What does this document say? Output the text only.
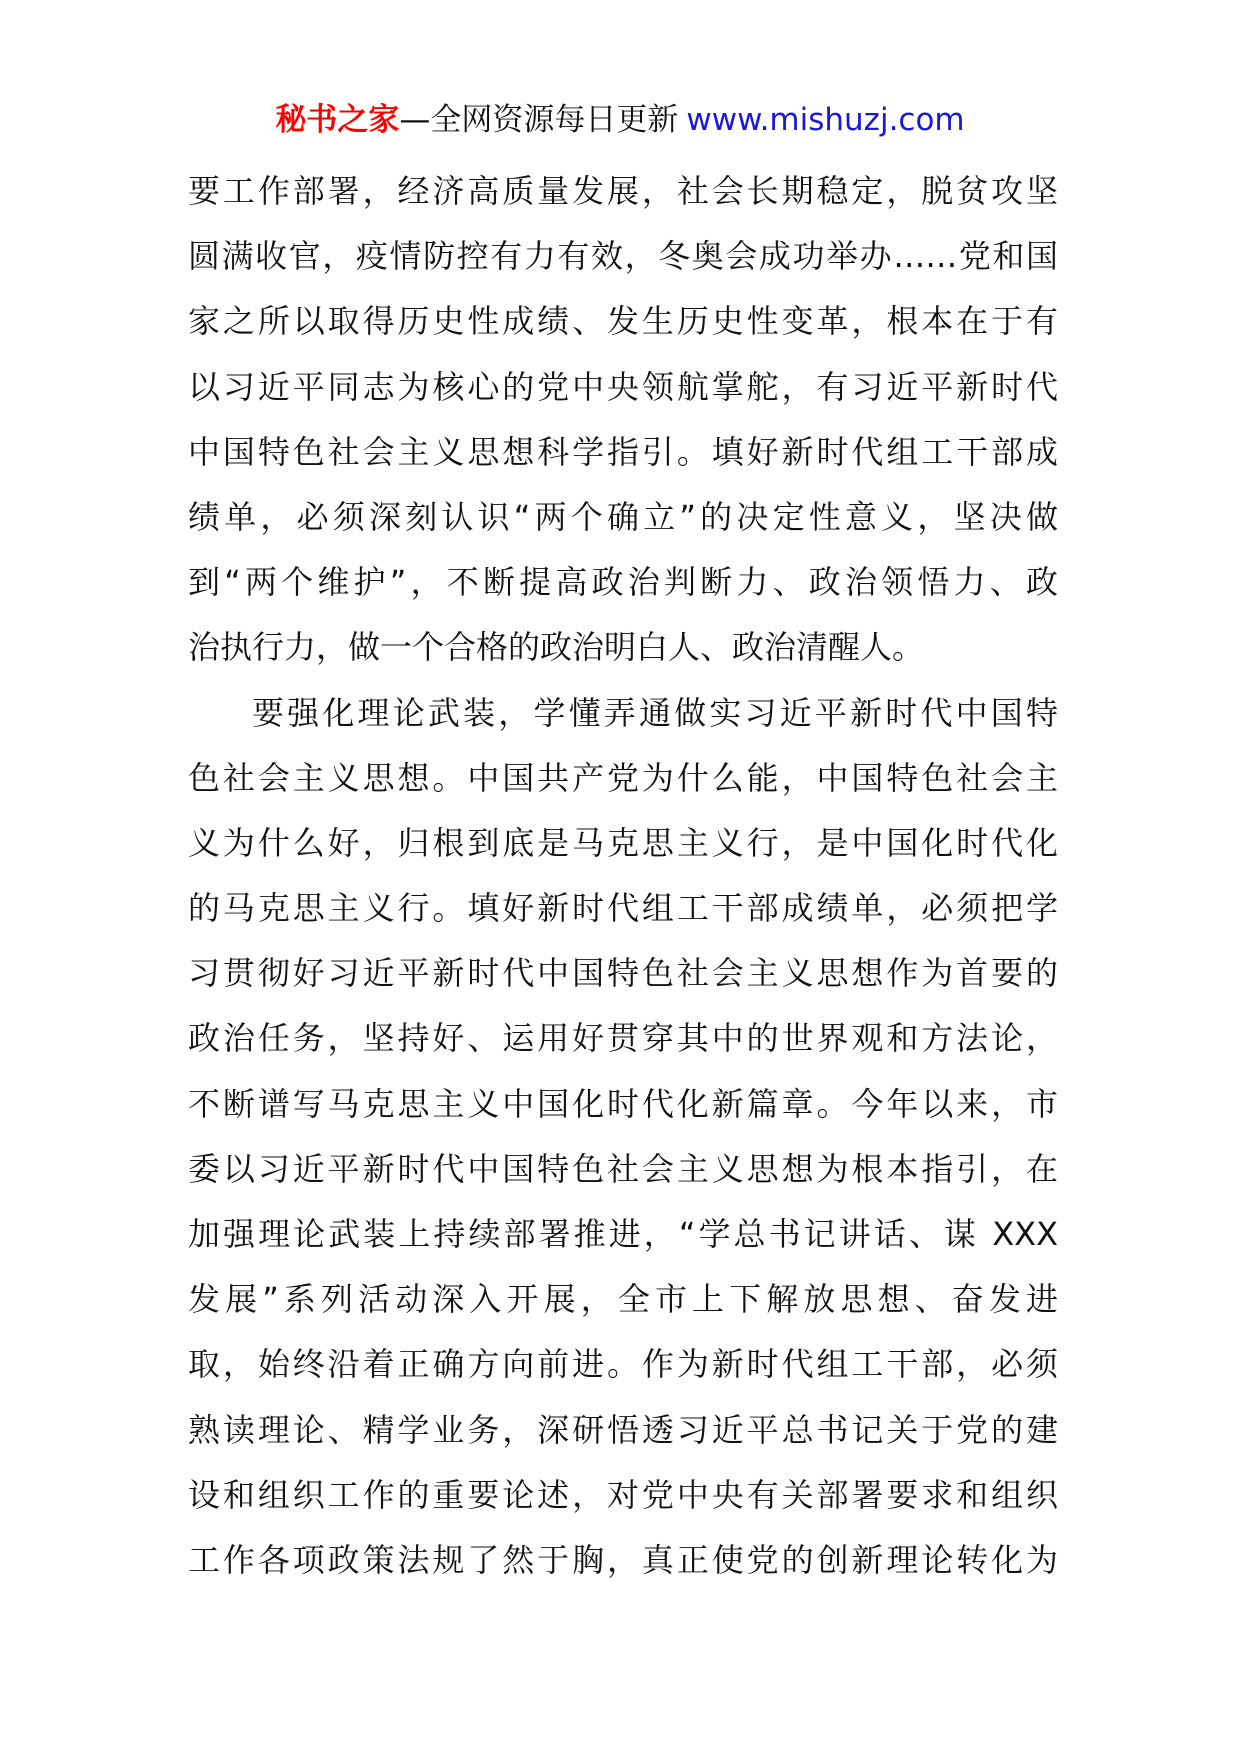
秘书之家—全网资源每日更新 www.mishuzj.com
要工作部署，经济高质量发展，社会长期稳定，脱贫攻坚
圆满收官，疫情防控有力有效，冬奥会成功举办……党和国
家之所以取得历史性成绩、发生历史性变革，根本在于有
以习近平同志为核心的党中央领航掌舵，有习近平新时代
中国特色社会主义思想科学指引。填好新时代组工干部成
绩单，必须深刻认识“两个确立”的决定性意义，坚决做
到“两个维护”，不断提高政治判断力、政治领悟力、政
治执行力，做一个合格的政治明白人、政治清醒人。
要强化理论武装，学懂弄通做实习近平新时代中国特
色社会主义思想。中国共产党为什么能，中国特色社会主
义为什么好，归根到底是马克思主义行，是中国化时代化
的马克思主义行。填好新时代组工干部成绩单，必须把学
习贯彻好习近平新时代中国特色社会主义思想作为首要的
政治任务，坚持好、运用好贯穿其中的世界观和方法论，
不断谱写马克思主义中国化时代化新篇章。今年以来，市
委以习近平新时代中国特色社会主义思想为根本指引，在
加强理论武装上持续部署推进，“学总书记讲话、谋 XXX
发展”系列活动深入开展，全市上下解放思想、奋发进
取，始终沿着正确方向前进。作为新时代组工干部，必须
熟读理论、精学业务，深研悟透习近平总书记关于党的建
设和组织工作的重要论述，对党中央有关部署要求和组织
工作各项政策法规了然于胸，真正使党的创新理论转化为
